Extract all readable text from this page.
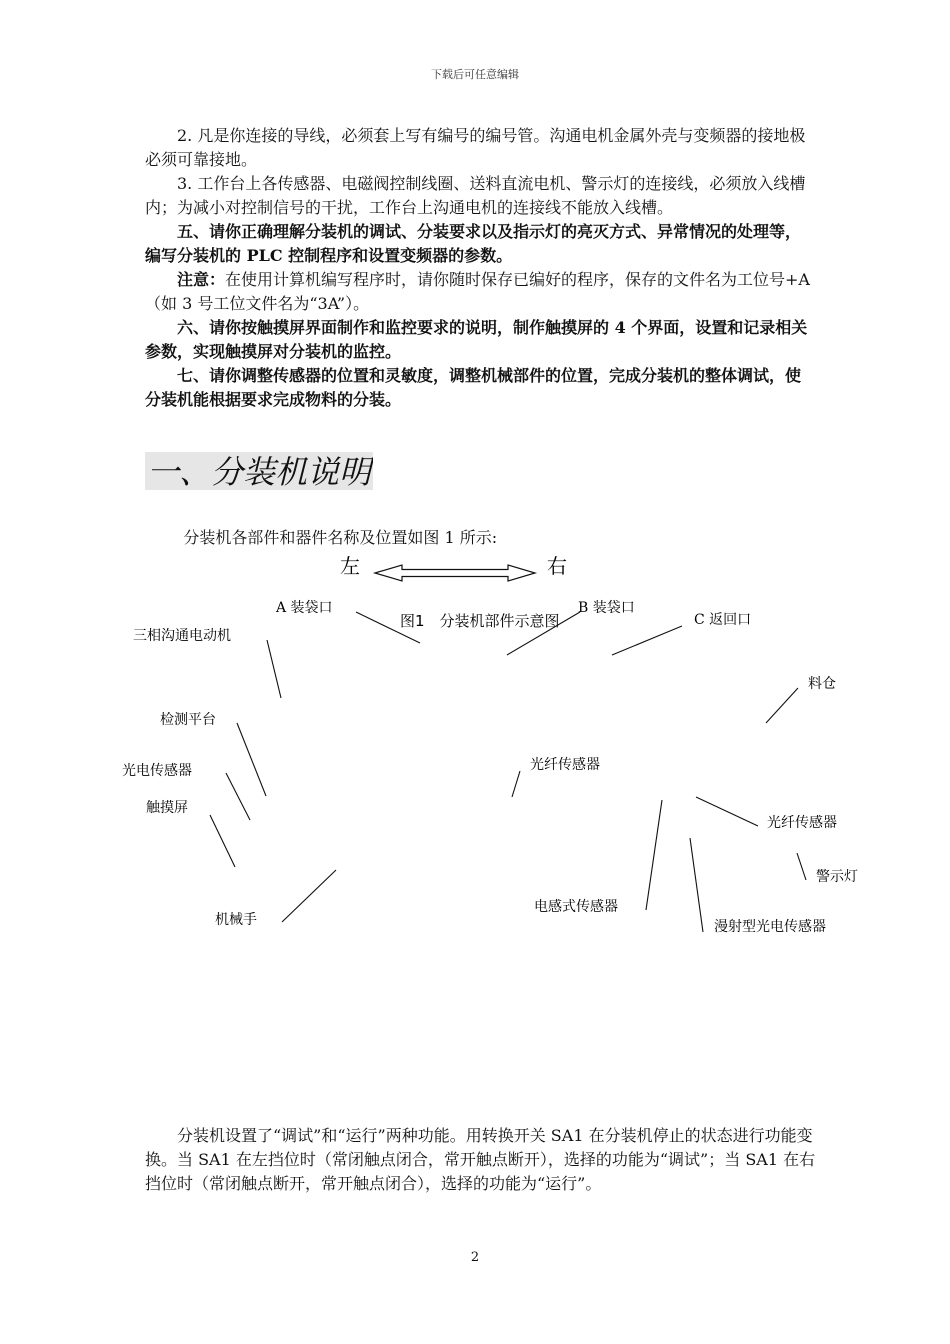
下载后可任意编辑

2. 凡是你连接的导线，必须套上写有编号的编号管。沟通电机金属外壳与变频器的接地极必须可靠接地。

3. 工作台上各传感器、电磁阀控制线圈、送料直流电机、警示灯的连接线，必须放入线槽内；为减小对控制信号的干扰，工作台上沟通电机的连接线不能放入线槽。

五、请你正确理解分装机的调试、分装要求以及指示灯的亮灭方式、异常情况的处理等，编写分装机的 PLC 控制程序和设置变频器的参数。

注意：在使用计算机编写程序时，请你随时保存已编好的程序，保存的文件名为工位号+A（如 3 号工位文件名为“3A”）。

六、请你按触摸屏界面制作和监控要求的说明，制作触摸屏的 4 个界面，设置和记录相关参数，实现触摸屏对分装机的监控。

七、请你调整传感器的位置和灵敏度，调整机械部件的位置，完成分装机的整体调试，使分装机能根据要求完成物料的分装。

一、分装机说明

分装机各部件和器件名称及位置如图 1 所示:

左	右
图1　分装机部件示意图
A 装袋口	B 装袋口
C 返回口
三相沟通电动机
料仓
检测平台
光电传感器	光纤传感器
触摸屏
光纤传感器
警示灯
电感式传感器
机械手	漫射型光电传感器

分装机设置了“调试”和“运行”两种功能。用转换开关 SA1 在分装机停止的状态进行功能变换。当 SA1 在左挡位时（常闭触点闭合，常开触点断开），选择的功能为“调试”；当 SA1 在右挡位时（常闭触点断开，常开触点闭合），选择的功能为“运行”。

2
